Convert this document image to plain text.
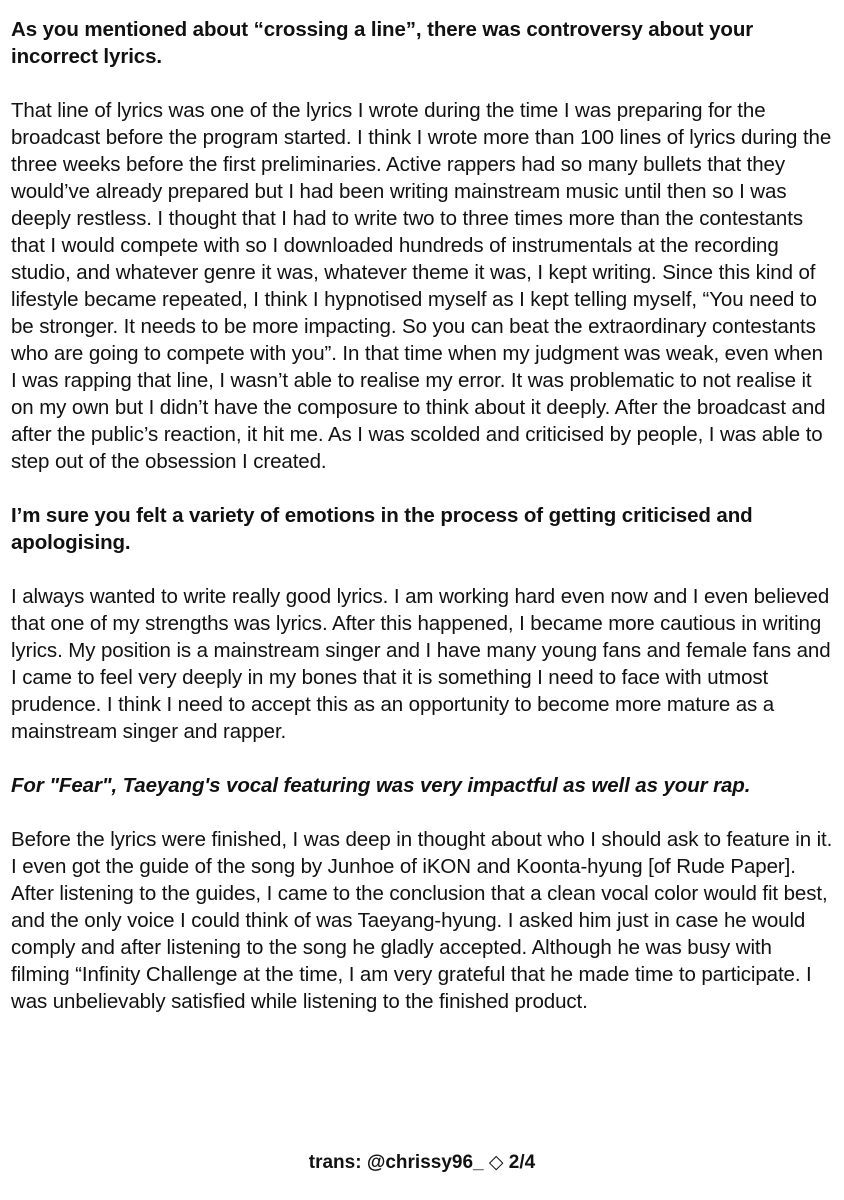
As you mentioned about “crossing a line”, there was controversy about your incorrect lyrics.

That line of lyrics was one of the lyrics I wrote during the time I was preparing for the broadcast before the program started. I think I wrote more than 100 lines of lyrics during the three weeks before the first preliminaries. Active rappers had so many bullets that they would’ve already prepared but I had been writing mainstream music until then so I was deeply restless. I thought that I had to write two to three times more than the contestants that I would compete with so I downloaded hundreds of instrumentals at the recording studio, and whatever genre it was, whatever theme it was, I kept writing. Since this kind of lifestyle became repeated, I think I hypnotised myself as I kept telling myself, “You need to be stronger. It needs to be more impacting. So you can beat the extraordinary contestants who are going to compete with you”. In that time when my judgment was weak, even when I was rapping that line, I wasn’t able to realise my error. It was problematic to not realise it on my own but I didn’t have the composure to think about it deeply. After the broadcast and after the public’s reaction, it hit me. As I was scolded and criticised by people, I was able to step out of the obsession I created.

I’m sure you felt a variety of emotions in the process of getting criticised and apologising.

I always wanted to write really good lyrics. I am working hard even now and I even believed that one of my strengths was lyrics. After this happened, I became more cautious in writing lyrics. My position is a mainstream singer and I have many young fans and female fans and I came to feel very deeply in my bones that it is something I need to face with utmost prudence. I think I need to accept this as an opportunity to become more mature as a mainstream singer and rapper.

For "Fear", Taeyang's vocal featuring was very impactful as well as your rap.

Before the lyrics were finished, I was deep in thought about who I should ask to feature in it. I even got the guide of the song by Junhoe of iKON and Koonta-hyung [of Rude Paper]. After listening to the guides, I came to the conclusion that a clean vocal color would fit best, and the only voice I could think of was Taeyang-hyung. I asked him just in case he would comply and after listening to the song he gladly accepted. Although he was busy with filming “Infinity Challenge at the time, I am very grateful that he made time to participate. I was unbelievably satisfied while listening to the finished product.

trans: @chrissy96_ ◇ 2/4
